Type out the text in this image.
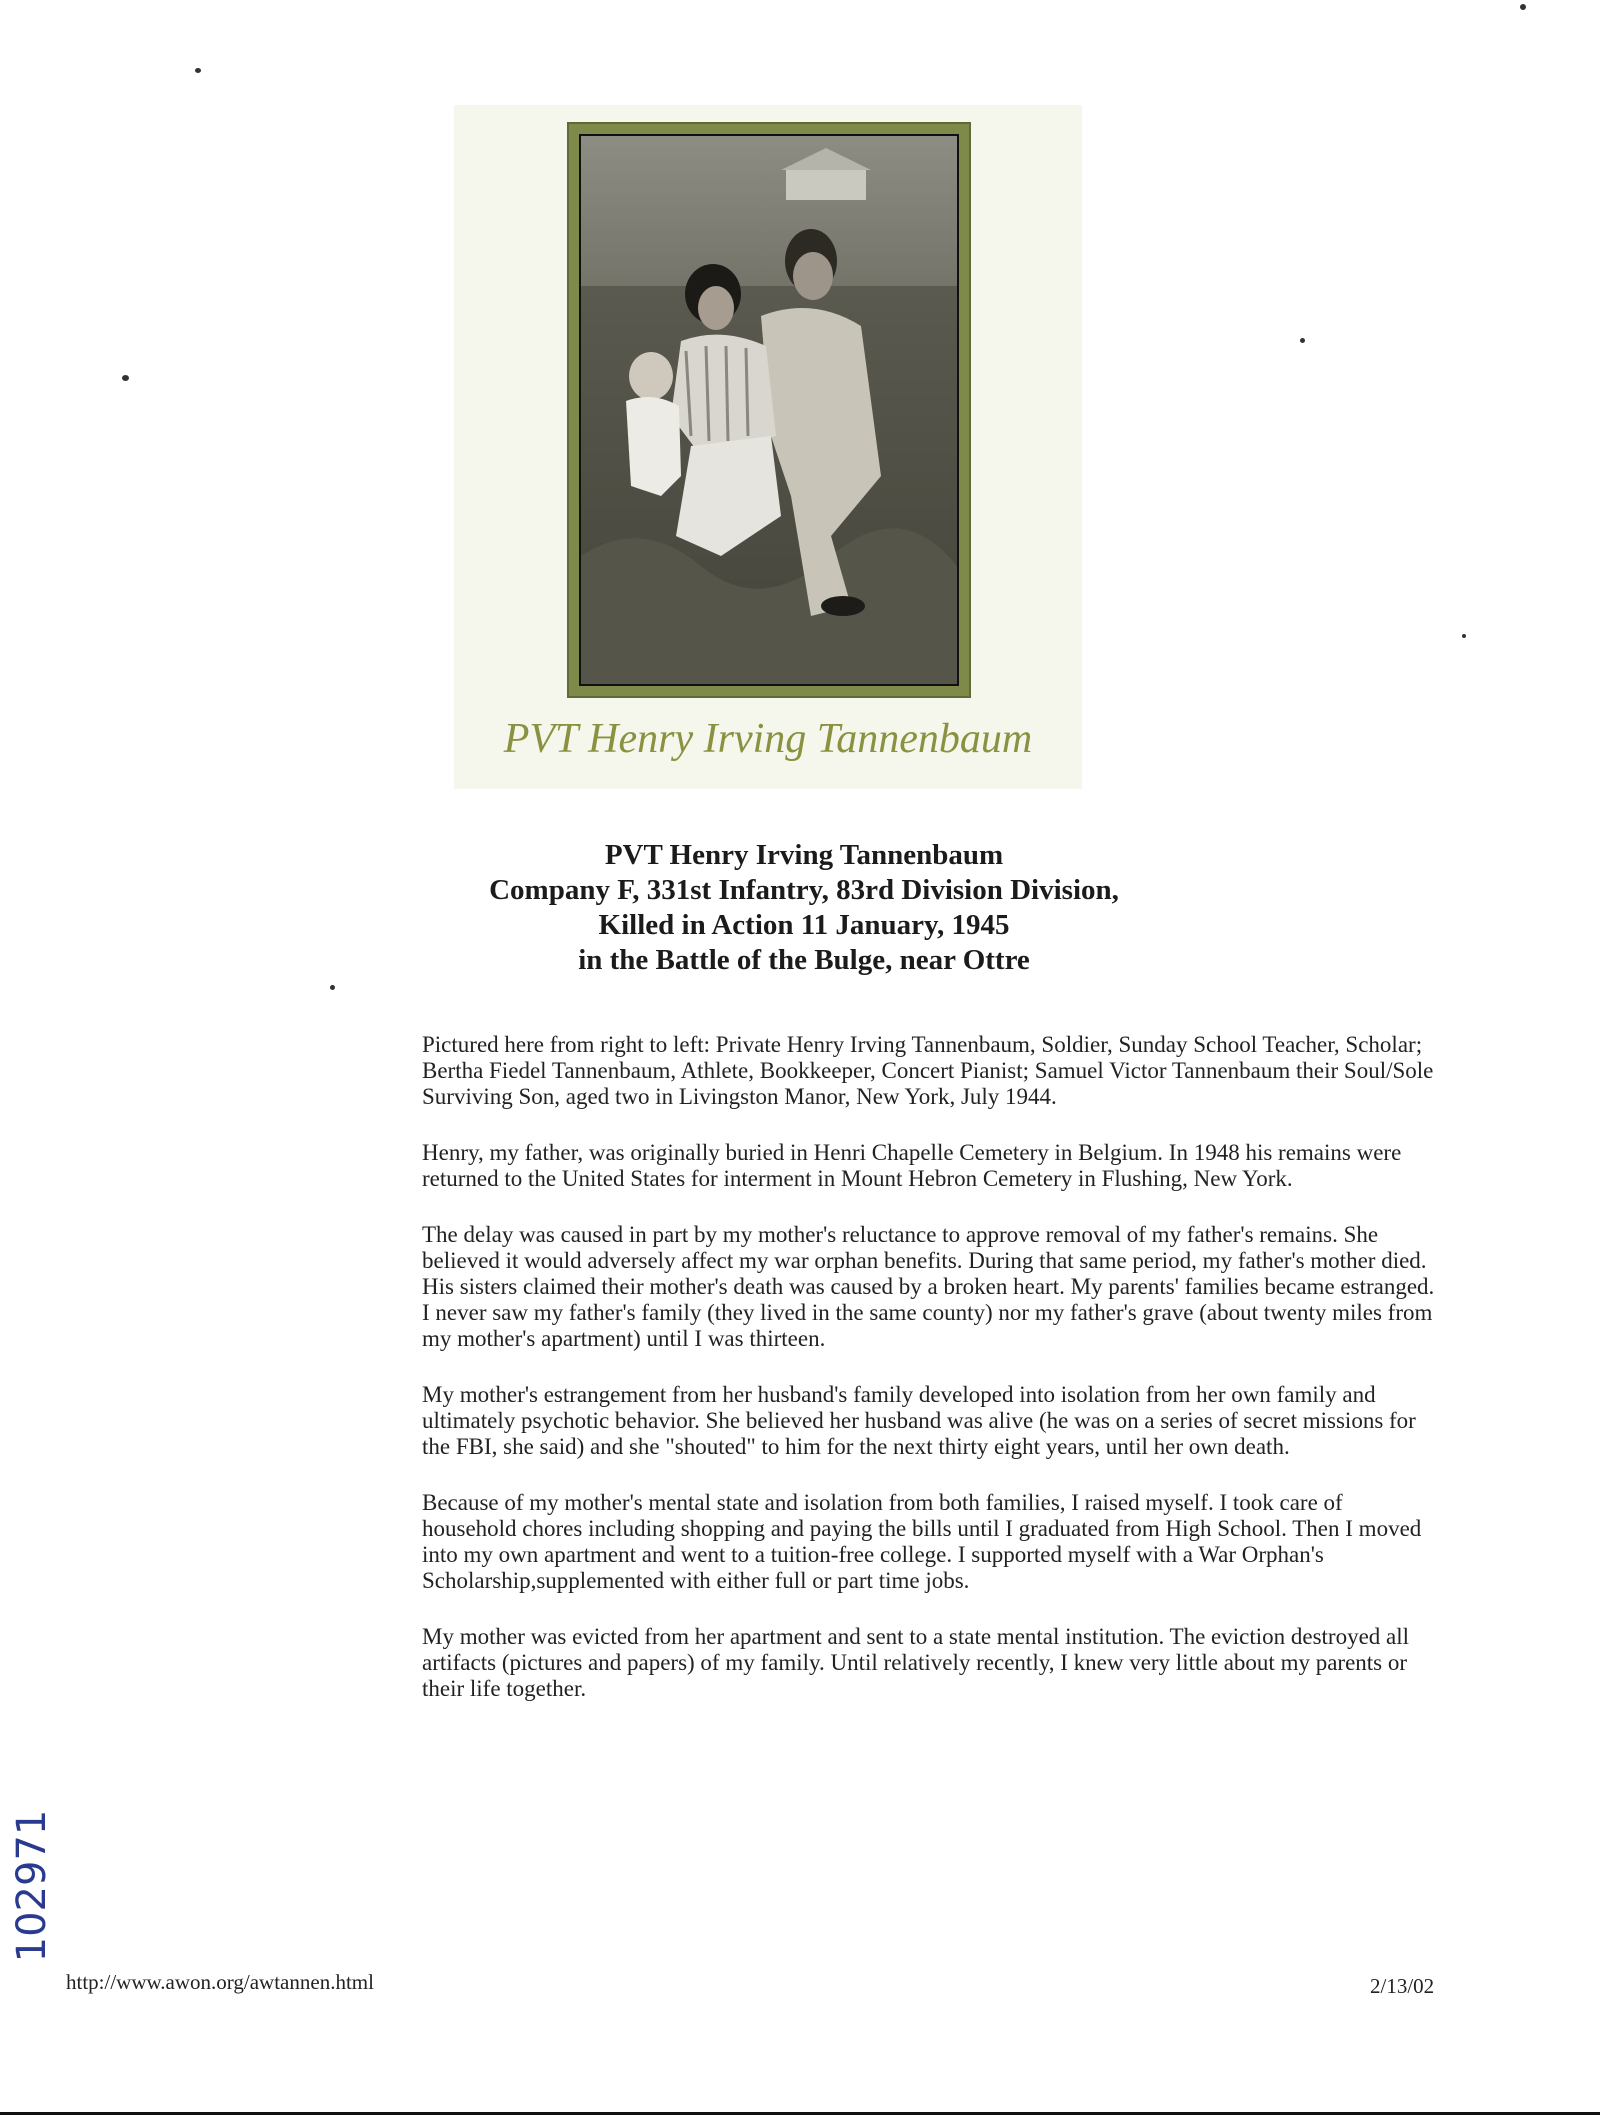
PVT Henry Irving Tannenbaum
PVT Henry Irving Tannenbaum
Company F, 331st Infantry, 83rd Division Division,
Killed in Action 11 January, 1945
in the Battle of the Bulge, near Ottre

Pictured here from right to left: Private Henry Irving Tannenbaum, Soldier, Sunday School Teacher, Scholar; Bertha Fiedel Tannenbaum, Athlete, Bookkeeper, Concert Pianist; Samuel Victor Tannenbaum their Soul/Sole Surviving Son, aged two in Livingston Manor, New York, July 1944.

Henry, my father, was originally buried in Henri Chapelle Cemetery in Belgium. In 1948 his remains were returned to the United States for interment in Mount Hebron Cemetery in Flushing, New York.

The delay was caused in part by my mother's reluctance to approve removal of my father's remains. She believed it would adversely affect my war orphan benefits. During that same period, my father's mother died. His sisters claimed their mother's death was caused by a broken heart. My parents' families became estranged. I never saw my father's family (they lived in the same county) nor my father's grave (about twenty miles from my mother's apartment) until I was thirteen.

My mother's estrangement from her husband's family developed into isolation from her own family and ultimately psychotic behavior. She believed her husband was alive (he was on a series of secret missions for the FBI, she said) and she "shouted" to him for the next thirty eight years, until her own death.

Because of my mother's mental state and isolation from both families, I raised myself. I took care of household chores including shopping and paying the bills until I graduated from High School. Then I moved into my own apartment and went to a tuition-free college. I supported myself with a War Orphan's Scholarship,supplemented with either full or part time jobs.

My mother was evicted from her apartment and sent to a state mental institution. The eviction destroyed all artifacts (pictures and papers) of my family. Until relatively recently, I knew very little about my parents or their life together.

http://www.awon.org/awtannen.html	2/13/02
102971
